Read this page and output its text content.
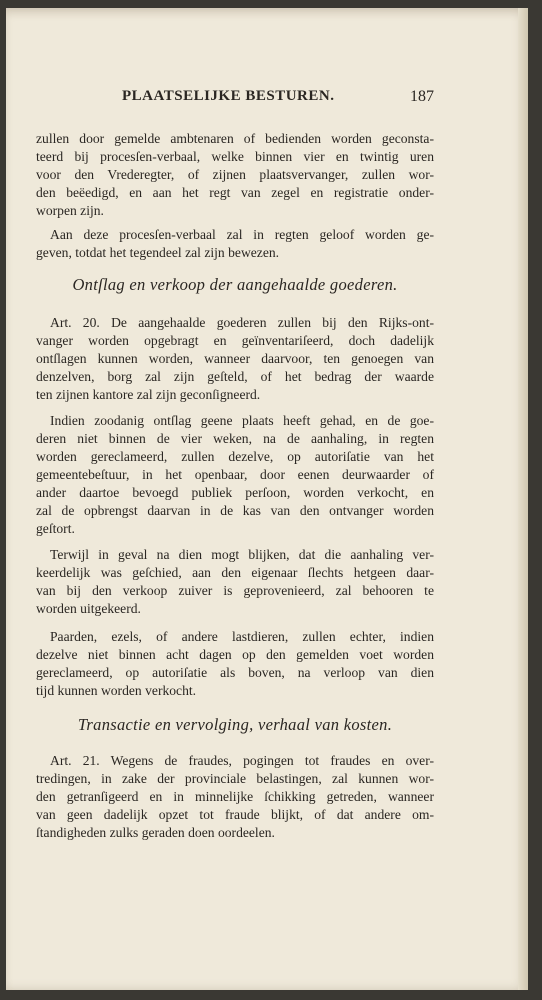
PLAATSELIJKE BESTUREN.	187
zullen door gemelde ambtenaren of bedienden worden geconsta-
teerd bij procesſen-verbaal, welke binnen vier en twintig uren
voor den Vrederegter, of zijnen plaatsvervanger, zullen wor-
den beëedigd, en aan het regt van zegel en registratie onder-
worpen zijn.
Aan deze procesſen-verbaal zal in regten geloof worden ge-
geven, totdat het tegendeel zal zijn bewezen.
Ontſlag en verkoop der aangehaalde goederen.
Art. 20. De aangehaalde goederen zullen bij den Rijks-ont-
vanger worden opgebragt en geïnventariſeerd, doch dadelijk
ontſlagen kunnen worden, wanneer daarvoor, ten genoegen van
denzelven, borg zal zijn geſteld, of het bedrag der waarde
ten zijnen kantore zal zijn geconſigneerd.
Indien zoodanig ontſlag geene plaats heeft gehad, en de goe-
deren niet binnen de vier weken, na de aanhaling, in regten
worden gereclameerd, zullen dezelve, op autoriſatie van het
gemeentebeſtuur, in het openbaar, door eenen deurwaarder of
ander daartoe bevoegd publiek perſoon, worden verkocht, en
zal de opbrengst daarvan in de kas van den ontvanger worden
geſtort.
Terwijl in geval na dien mogt blijken, dat die aanhaling ver-
keerdelijk was geſchied, aan den eigenaar ſlechts hetgeen daar-
van bij den verkoop zuiver is geprovenieerd, zal behooren te
worden uitgekeerd.
Paarden, ezels, of andere lastdieren, zullen echter, indien
dezelve niet binnen acht dagen op den gemelden voet worden
gereclameerd, op autoriſatie als boven, na verloop van dien
tijd kunnen worden verkocht.
Transactie en vervolging, verhaal van kosten.
Art. 21. Wegens de fraudes, pogingen tot fraudes en over-
tredingen, in zake der provinciale belastingen, zal kunnen wor-
den getranſigeerd en in minnelijke ſchikking getreden, wanneer
van geen dadelijk opzet tot fraude blijkt, of dat andere om-
ſtandigheden zulks geraden doen oordeelen.
